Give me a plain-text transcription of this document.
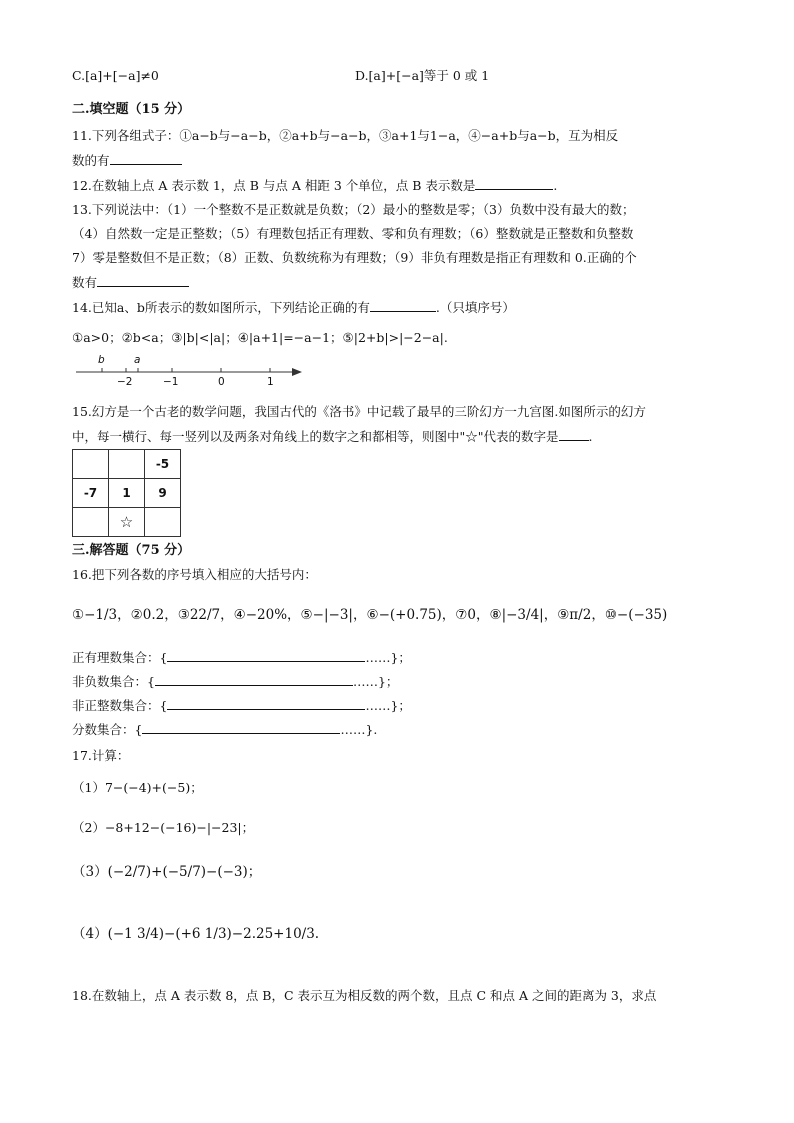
C.[a]+[−a]≠0	D.[a]+[−a]等于 0 或 1
二.填空题（15 分）
11.下列各组式子：①a−b与−a−b，②a+b与−a−b，③a+1与1−a，④−a+b与a−b，互为相反
数的有
12.在数轴上点 A 表示数 1，点 B 与点 A 相距 3 个单位，点 B 表示数是	.
13.下列说法中：（1）一个整数不是正数就是负数；（2）最小的整数是零；（3）负数中没有最大的数；
（4）自然数一定是正整数；（5）有理数包括正有理数、零和负有理数；（6）整数就是正整数和负整数
7）零是整数但不是正数；（8）正数、负数统称为有理数；（9）非负有理数是指正有理数和 0.正确的个
数有
14.已知a、b所表示的数如图所示，下列结论正确的有	.（只填序号）
①a>0；②b<a；③|b|<|a|；④|a+1|=−a−1；⑤|2+b|>|−2−a|.
b	a
−2	−1	0	1
15.幻方是一个古老的数学问题，我国古代的《洛书》中记载了最早的三阶幻方一九宫图.如图所示的幻方
中，每一横行、每一竖列以及两条对角线上的数字之和都相等，则图中"☆"代表的数字是 .
		-5
-7	1	9
	☆	
三.解答题（75 分）
16.把下列各数的序号填入相应的大括号内：
①−1/3，②0.2，③22/7，④−20%，⑤−|−3|，⑥−(+0.75)，⑦0，⑧|−3/4|，⑨π/2，⑩−(−35)
正有理数集合：{	……}；
非负数集合：{	……}；
非正整数集合：{	……}；
分数集合：{	……}.
17.计算：
（1）7−(−4)+(−5)；
（2）−8+12−(−16)−|−23|；
（3）(−2/7)+(−5/7)−(−3)；
（4）(−1 3/4)−(+6 1/3)−2.25+10/3.
18.在数轴上，点 A 表示数 8，点 B，C 表示互为相反数的两个数，且点 C 和点 A 之间的距离为 3，求点
